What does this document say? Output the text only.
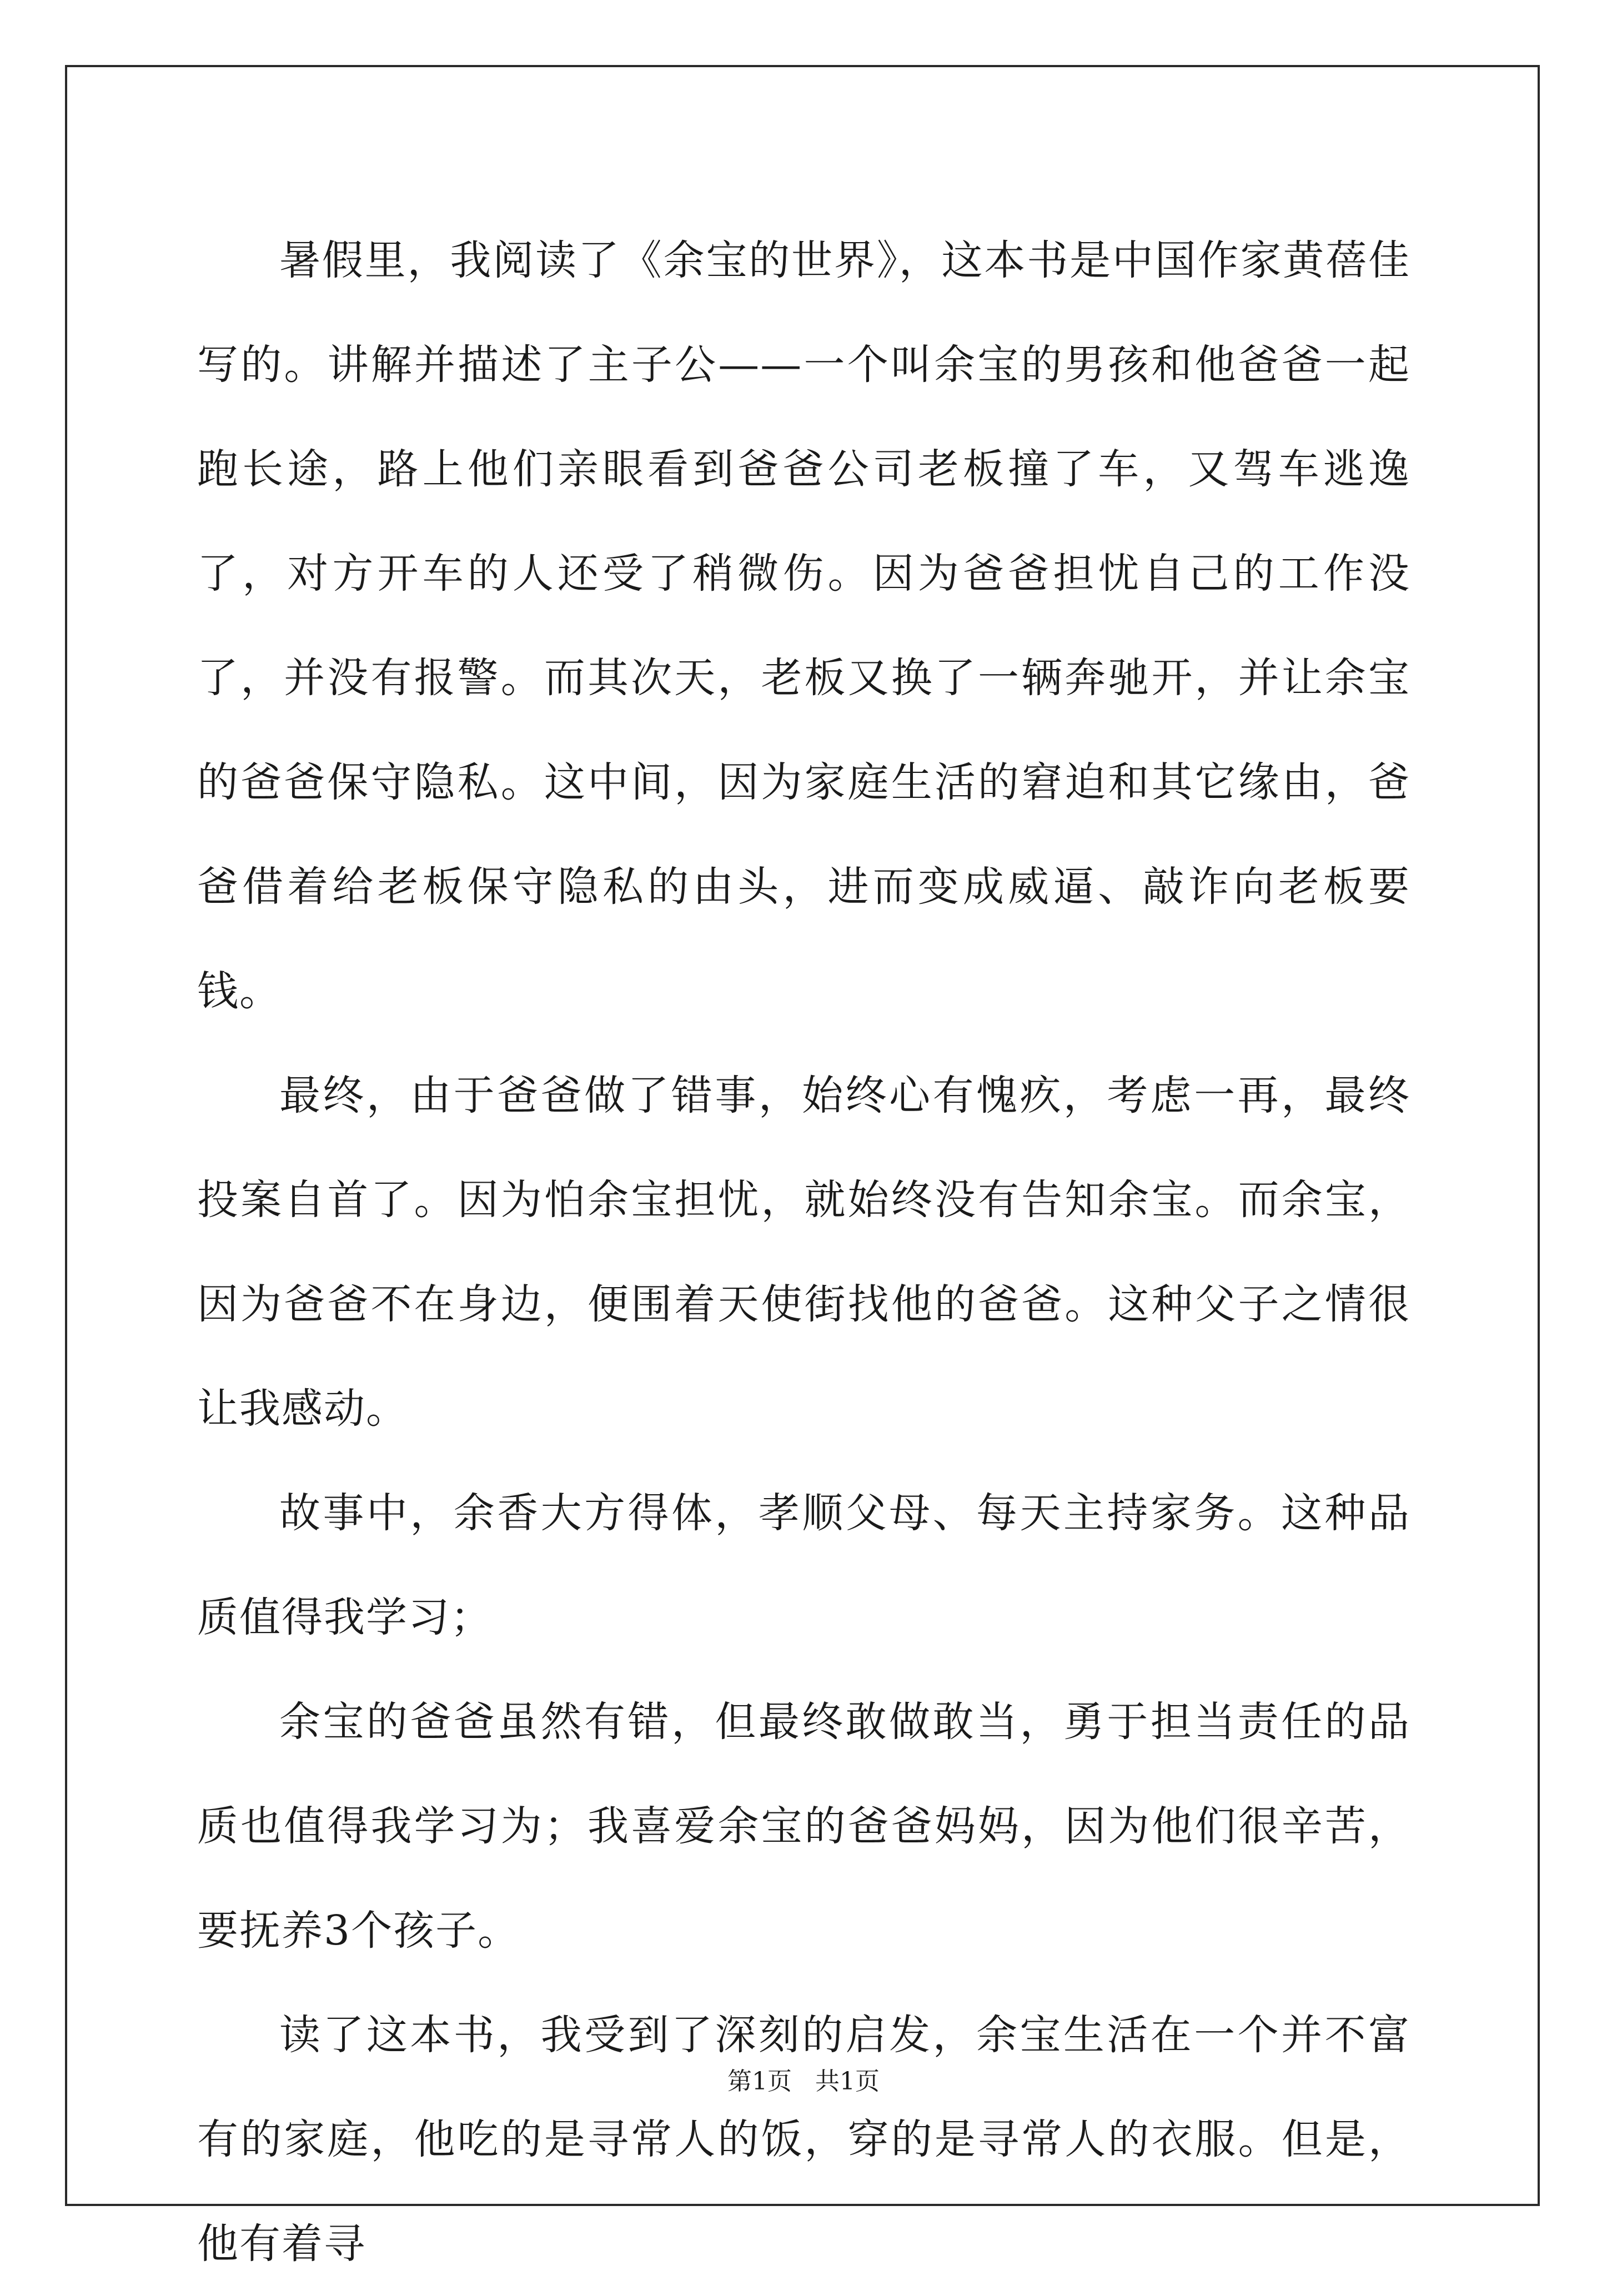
暑假里，我阅读了《余宝的世界》，这本书是中国作家黄蓓佳写的。讲解并描述了主子公——一个叫余宝的男孩和他爸爸一起跑长途，路上他们亲眼看到爸爸公司老板撞了车，又驾车逃逸了，对方开车的人还受了稍微伤。因为爸爸担忧自己的工作没了，并没有报警。而其次天，老板又换了一辆奔驰开，并让余宝的爸爸保守隐私。这中间，因为家庭生活的窘迫和其它缘由，爸爸借着给老板保守隐私的由头，进而变成威逼、敲诈向老板要钱。

最终，由于爸爸做了错事，始终心有愧疚，考虑一再，最终投案自首了。因为怕余宝担忧，就始终没有告知余宝。而余宝，因为爸爸不在身边，便围着天使街找他的爸爸。这种父子之情很让我感动。

故事中，余香大方得体，孝顺父母、每天主持家务。这种品质值得我学习；

余宝的爸爸虽然有错，但最终敢做敢当，勇于担当责任的品质也值得我学习为；我喜爱余宝的爸爸妈妈，因为他们很辛苦，要抚养3个孩子。

读了这本书，我受到了深刻的启发，余宝生活在一个并不富有的家庭，他吃的是寻常人的饭，穿的是寻常人的衣服。但是，他有着寻

第1页   共1页
